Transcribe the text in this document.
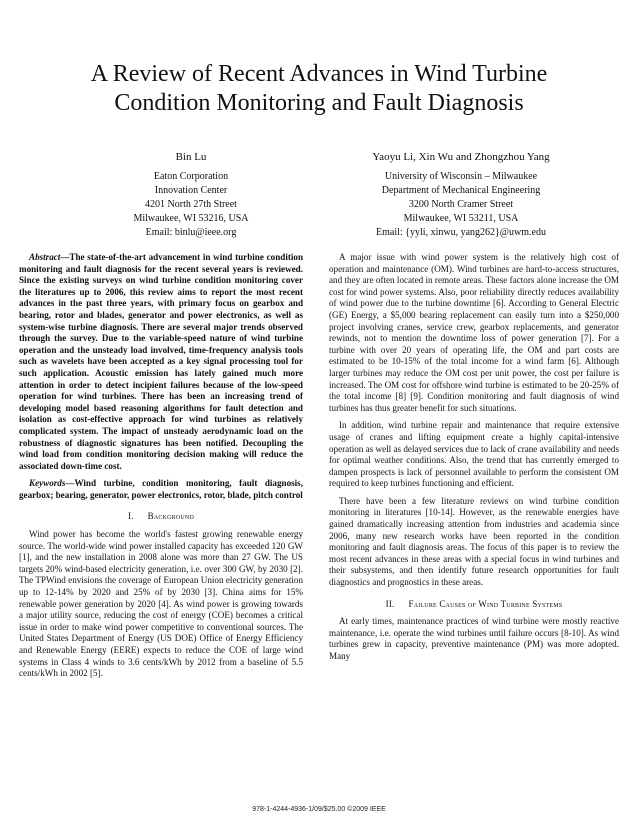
A Review of Recent Advances in Wind Turbine Condition Monitoring and Fault Diagnosis
Bin Lu
Eaton Corporation
Innovation Center
4201 North 27th Street
Milwaukee, WI 53216, USA
Email: binlu@ieee.org
Yaoyu Li, Xin Wu and Zhongzhou Yang
University of Wisconsin – Milwaukee
Department of Mechanical Engineering
3200 North Cramer Street
Milwaukee, WI 53211, USA
Email: {yyli, xinwu, yang262}@uwm.edu

Abstract—The state-of-the-art advancement in wind turbine condition monitoring and fault diagnosis for the recent several years is reviewed. Since the existing surveys on wind turbine condition monitoring cover the literatures up to 2006, this review aims to report the most recent advances in the past three years, with primary focus on gearbox and bearing, rotor and blades, generator and power electronics, as well as system-wise turbine diagnosis. There are several major trends observed through the survey. Due to the variable-speed nature of wind turbine operation and the unsteady load involved, time-frequency analysis tools such as wavelets have been accepted as a key signal processing tool for such application. Acoustic emission has lately gained much more attention in order to detect incipient failures because of the low-speed operation for wind turbines. There has been an increasing trend of developing model based reasoning algorithms for fault detection and isolation as cost-effective approach for wind turbines as relatively complicated system. The impact of unsteady aerodynamic load on the robustness of diagnostic signatures has been notified. Decoupling the wind load from condition monitoring decision making will reduce the associated down-time cost.

Keywords—Wind turbine, condition monitoring, fault diagnosis, gearbox; bearing, generator, power electronics, rotor, blade, pitch control

I. Background

Wind power has become the world's fastest growing renewable energy source. The world-wide wind power installed capacity has exceeded 120 GW [1], and the new installation in 2008 alone was more than 27 GW. The US targets 20% wind-based electricity generation, i.e. over 300 GW, by 2030 [2]. The TPWind envisions the coverage of European Union electricity generation up to 12-14% by 2020 and 25% of by 2030 [3]. China aims for 15% renewable power generation by 2020 [4]. As wind power is growing towards a major utility source, reducing the cost of energy (COE) becomes a critical issue in order to make wind power competitive to conventional sources. The United States Department of Energy (US DOE) Office of Energy Efficiency and Renewable Energy (EERE) expects to reduce the COE of large wind systems in Class 4 winds to 3.6 cents/kWh by 2012 from a baseline of 5.5 cents/kWh in 2002 [5].

A major issue with wind power system is the relatively high cost of operation and maintenance (OM). Wind turbines are hard-to-access structures, and they are often located in remote areas. These factors alone increase the OM cost for wind power systems. Also, poor reliability directly reduces availability of wind power due to the turbine downtime [6]. According to General Electric (GE) Energy, a $5,000 bearing replacement can easily turn into a $250,000 project involving cranes, service crew, gearbox replacements, and generator rewinds, not to mention the downtime loss of power generation [7]. For a turbine with over 20 years of operating life, the OM and part costs are estimated to be 10-15% of the total income for a wind farm [6]. Although larger turbines may reduce the OM cost per unit power, the cost per failure is increased. The OM cost for offshore wind turbine is estimated to be 20-25% of the total income [8] [9]. Condition monitoring and fault diagnosis of wind turbines has thus greater benefit for such situations.

In addition, wind turbine repair and maintenance that require extensive usage of cranes and lifting equipment create a highly capital-intensive operation as well as delayed services due to lack of crane availability and needs for optimal weather conditions. Also, the trend that has currently emerged to dampen prospects is lack of personnel available to perform the consistent OM required to keep turbines functioning and efficient.

There have been a few literature reviews on wind turbine condition monitoring in literatures [10-14]. However, as the renewable energies have gained dramatically increasing attention from industries and academia since 2006, many new research works have been reported in the condition monitoring and fault diagnosis areas. The focus of this paper is to review the most recent advances in these areas with a special focus in wind turbines and their subsystems, and then identify future research opportunities for fault diagnostics and prognostics in these areas.

II. Failure Causes of Wind Turbine Systems

At early times, maintenance practices of wind turbine were mostly reactive maintenance, i.e. operate the wind turbines until failure occurs [8-10]. As wind turbines grew in capacity, preventive maintenance (PM) was more adopted. Many

978-1-4244-4936-1/09/$25.00 ©2009 IEEE
